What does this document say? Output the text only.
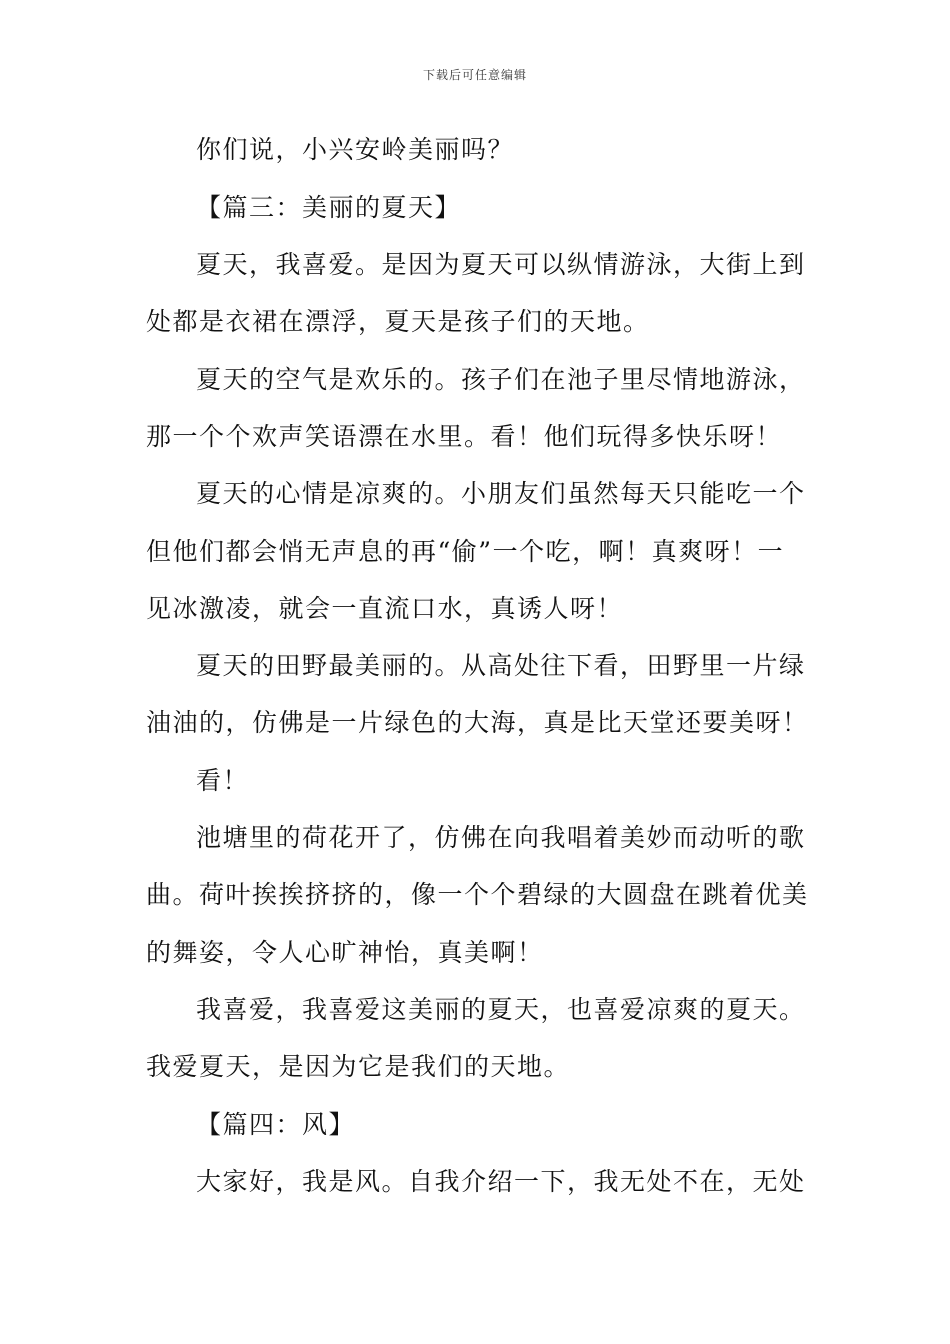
下载后可任意编辑
你们说，小兴安岭美丽吗？
【篇三：美丽的夏天】
夏天，我喜爱。是因为夏天可以纵情游泳，大街上到
处都是衣裙在漂浮，夏天是孩子们的天地。
夏天的空气是欢乐的。孩子们在池子里尽情地游泳，
那一个个欢声笑语漂在水里。看！他们玩得多快乐呀！
夏天的心情是凉爽的。小朋友们虽然每天只能吃一个
但他们都会悄无声息的再“偷”一个吃，啊！真爽呀！一
见冰激凌，就会一直流口水，真诱人呀！
夏天的田野最美丽的。从高处往下看，田野里一片绿
油油的，仿佛是一片绿色的大海，真是比天堂还要美呀！
看！
池塘里的荷花开了，仿佛在向我唱着美妙而动听的歌
曲。荷叶挨挨挤挤的，像一个个碧绿的大圆盘在跳着优美
的舞姿，令人心旷神怡，真美啊！
我喜爱，我喜爱这美丽的夏天，也喜爱凉爽的夏天。
我爱夏天，是因为它是我们的天地。
【篇四：风】
大家好，我是风。自我介绍一下，我无处不在，无处
